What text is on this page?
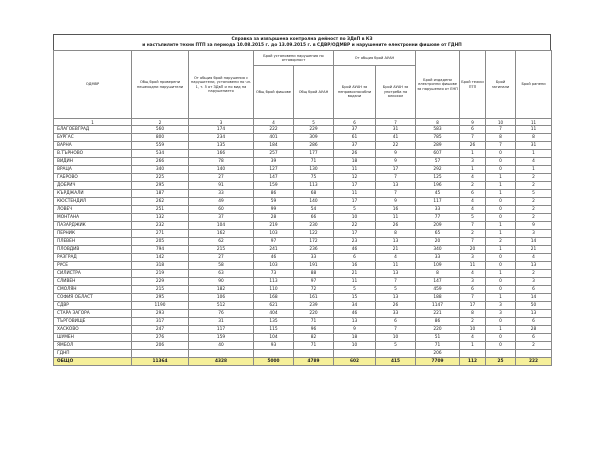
Справка за извършена контролна дейност по ЗДвП в КЗ
и настъпилите техни ПТП за периода 10.08.2015 г. до 13.09.2015 г. в СДВР/ОДМВР и нарушените електронни фишове от ГДНП
ОДМВР	Общ брой проверени пешеходни нарушители	От общия брой нарушения с нарушители, установени по чл. 1, т. 5 от ЗДвП и по вид на нарушението	Брой установени нарушения по отговорност		От общия брой АУАН		Брой издадени електронни фишове за нарушения от ЕНП	Брой тежки ПТП	Брой загинали	Брой ранени
			Общ брой фишове	Общ брой АУАН	Брой АУАН за неправоспособни водачи	Брой АУАН за употреба на алкохол				
1	2	3	4	5	6	7	8	9	10	11
БЛАГОЕВГРАД	560	174	222	229	37	31	583	6	7	11
БУРГАС	800	234	401	309	61	41	785	7	8	8
ВАРНА	559	135	184	286	37	22	289	26	7	31
В.ТЪРНОВО	534	166	257	177	26	9	607	1	0	1
ВИДИН	266	78	39	71	18	9	57	3	0	4
ВРАЦА	340	140	127	130	11	17	292	1	0	1
ГАБРОВО	225	27	147	75	12	7	125	4	1	2
ДОБРИЧ	295	91	159	113	17	13	196	2	1	2
КЪРДЖАЛИ	187	33	86	68	11	7	45	6	1	5
КЮСТЕНДИЛ	262	49	59	140	17	9	117	4	0	2
ЛОВЕЧ	251	60	99	54	5	16	33	4	0	2
МОНТАНА	132	37	28	66	10	11	77	5	0	2
ПАЗАРДЖИК	232	104	219	230	22	26	209	7	1	9
ПЕРНИК	271	162	103	122	17	8	65	2	1	3
ПЛЕВЕН	205	62	97	172	23	13	20	7	2	14
ПЛОВДИВ	794	215	241	236	46	21	340	20	1	21
РАЗГРАД	142	27	46	33	6	4	33	3	0	4
РУСЕ	318	58	103	191	16	11	109	11	0	13
СИЛИСТРА	219	63	73	88	21	13	8	4	1	2
СЛИВЕН	229	90	113	97	11	7	147	3	0	3
СМОЛЯН	215	182	110	72	5	5	459	6	0	6
СОФИЯ ОБЛАСТ	295	106	168	161	15	13	188	7	1	14
СДВР	1190	512	621	239	34	26	1147	17	3	50
СТАРА ЗАГОРА	293	76	404	220	46	33	221	8	3	13
ТЪРГОВИЩЕ	317	31	135	71	13	6	86	2	0	6
ХАСКОВО	247	117	115	96	9	7	220	10	1	28
ШУМЕН	276	159	104	82	18	10	51	4	0	6
ЯМБОЛ	206	40	93	71	10	5	71	1	0	2
ГДНП							206			
ОБЩО	11364	4328	5000	4789	602	415	7709	112	25	222
